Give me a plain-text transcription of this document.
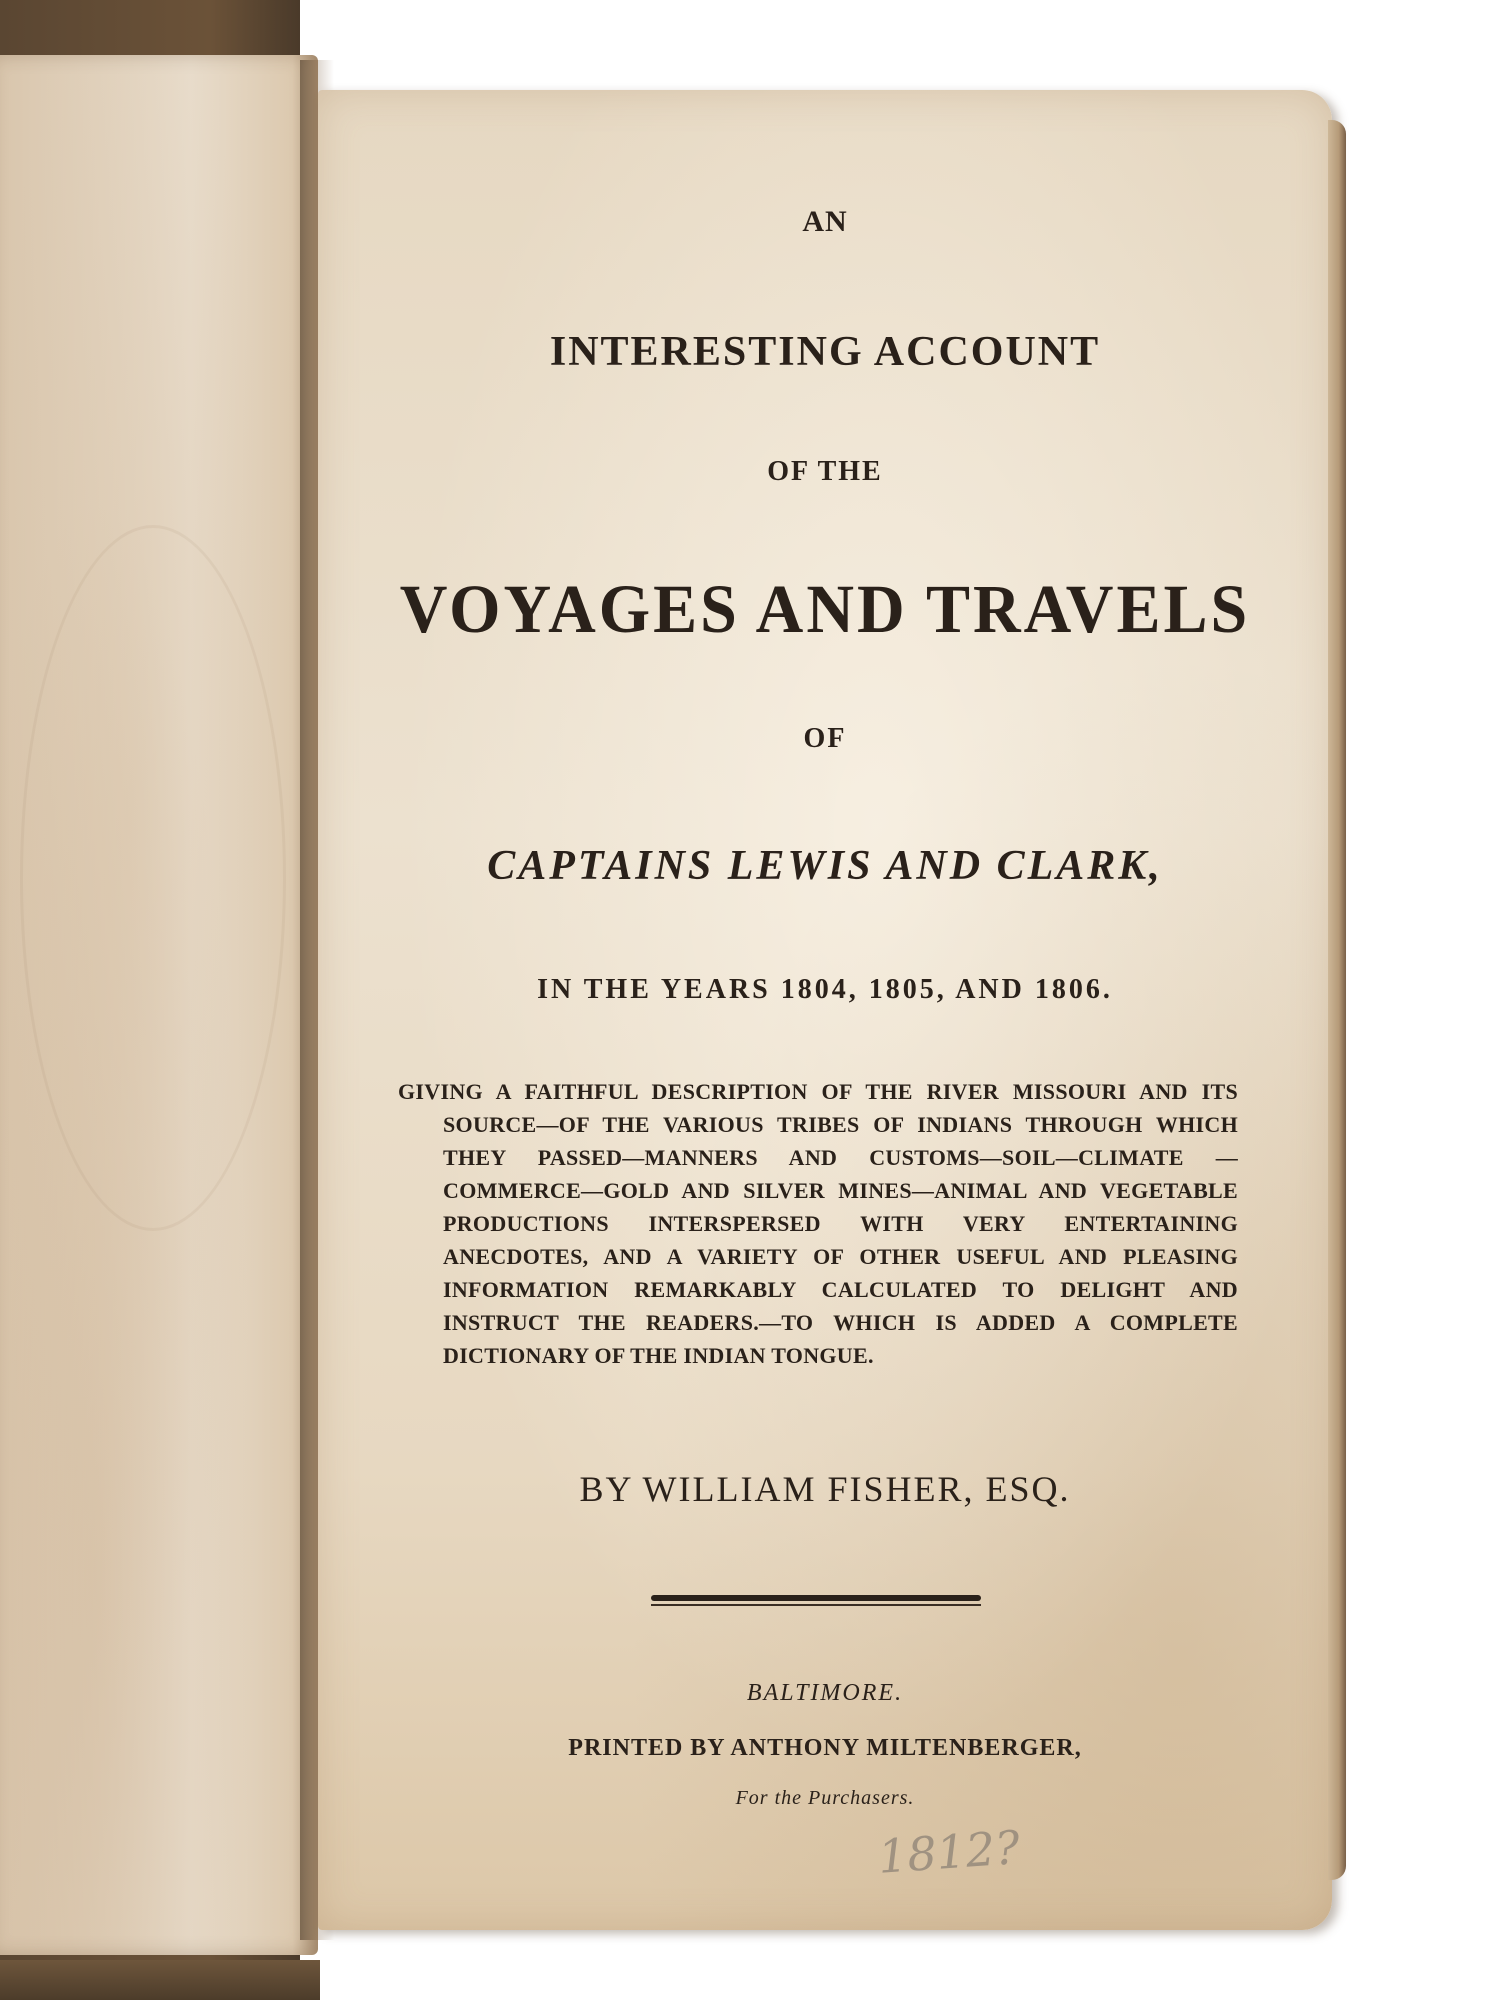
AN
INTERESTING ACCOUNT
OF THE
VOYAGES AND TRAVELS
OF
CAPTAINS LEWIS AND CLARK,
IN THE YEARS 1804, 1805, AND 1806.
GIVING A FAITHFUL DESCRIPTION OF THE RIVER MISSOURI AND ITS SOURCE—OF THE VARIOUS TRIBES OF INDIANS THROUGH WHICH THEY PASSED—MANNERS AND CUSTOMS—SOIL—CLIMATE —COMMERCE—GOLD AND SILVER MINES—ANIMAL AND VEGETABLE PRODUCTIONS INTERSPERSED WITH VERY ENTERTAINING ANECDOTES, AND A VARIETY OF OTHER USEFUL AND PLEASING INFORMATION REMARKABLY CALCULATED TO DELIGHT AND INSTRUCT THE READERS.—TO WHICH IS ADDED A COMPLETE DICTIONARY OF THE INDIAN TONGUE.
BY WILLIAM FISHER, ESQ.
BALTIMORE.
PRINTED BY ANTHONY MILTENBERGER,
For the Purchasers.
1812?
